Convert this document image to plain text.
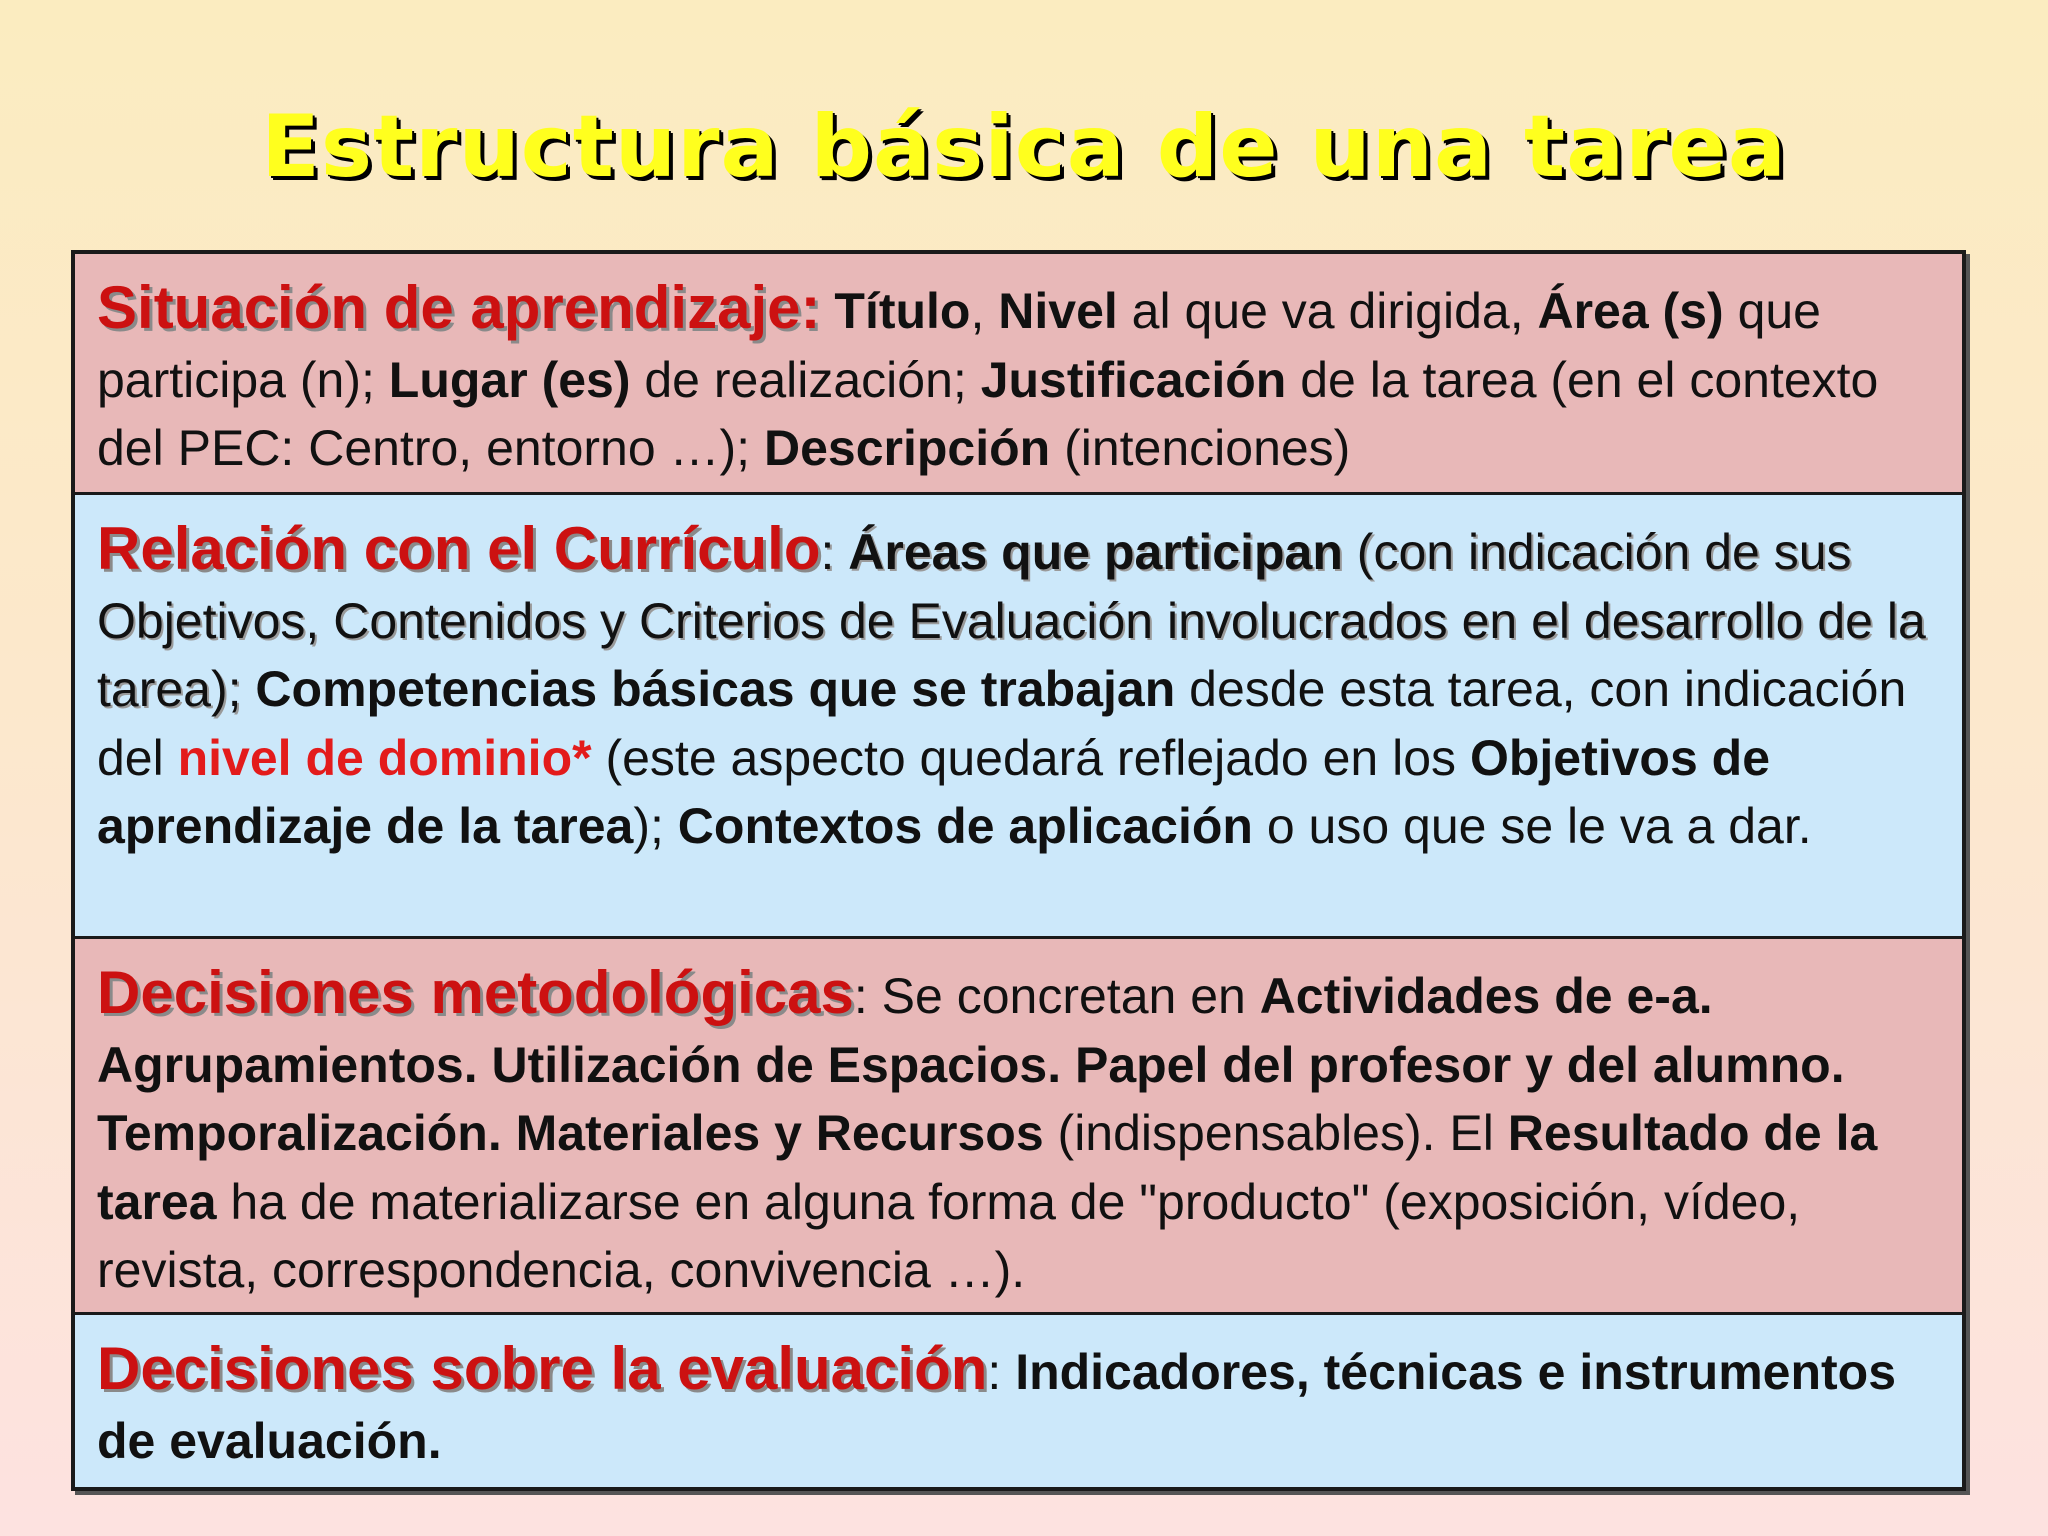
Estructura básica de una tarea
Situación de aprendizaje: Título, Nivel al que va dirigida, Área (s) que participa (n); Lugar (es) de realización; Justificación de la tarea (en el contexto del PEC: Centro, entorno …); Descripción (intenciones)
Relación con el Currículo: Áreas que participan (con indicación de sus Objetivos, Contenidos y Criterios de Evaluación involucrados en el desarrollo de la tarea); Competencias básicas que se trabajan desde esta tarea, con indicación del nivel de dominio* (este aspecto quedará reflejado en los Objetivos de aprendizaje de la tarea); Contextos de aplicación o uso que se le va a dar.
Decisiones metodológicas: Se concretan en Actividades de e-a. Agrupamientos. Utilización de Espacios. Papel del profesor y del alumno. Temporalización. Materiales y Recursos (indispensables). El Resultado de la tarea ha de materializarse en alguna forma de "producto" (exposición, vídeo, revista, correspondencia, convivencia …).
Decisiones sobre la evaluación: Indicadores, técnicas e instrumentos de evaluación.
